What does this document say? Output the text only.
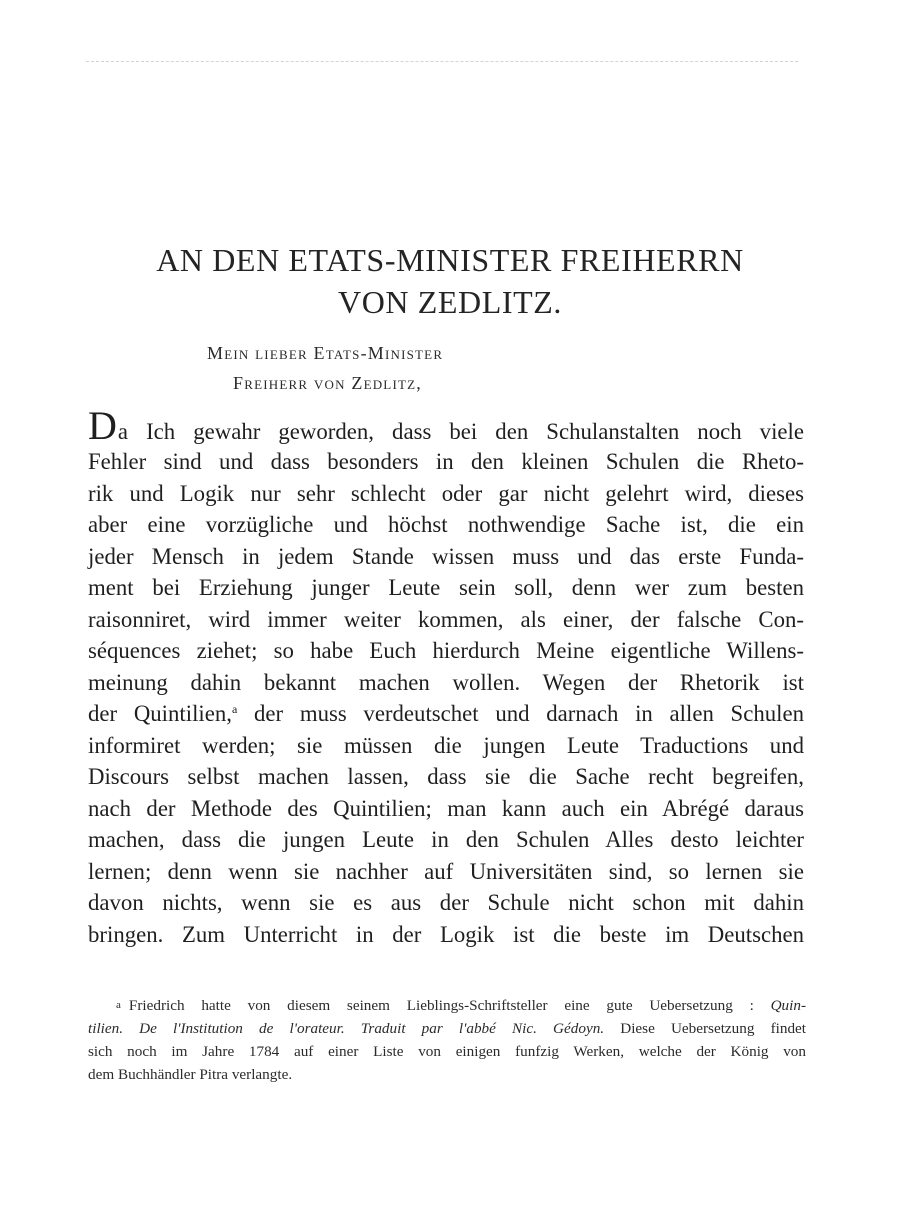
AN DEN ETATS-MINISTER FREIHERRN
VON ZEDLITZ.
Mein lieber Etats-Minister
Freiherr von Zedlitz,
Da Ich gewahr geworden, dass bei den Schulanstalten noch viele
Fehler sind und dass besonders in den kleinen Schulen die Rheto-
rik und Logik nur sehr schlecht oder gar nicht gelehrt wird, dieses
aber eine vorzügliche und höchst nothwendige Sache ist, die ein
jeder Mensch in jedem Stande wissen muss und das erste Funda-
ment bei Erziehung junger Leute sein soll, denn wer zum besten
raisonniret, wird immer weiter kommen, als einer, der falsche Con-
séquences ziehet; so habe Euch hierdurch Meine eigentliche Willens-
meinung dahin bekannt machen wollen. Wegen der Rhetorik ist
der Quintilien,$^a$ der muss verdeutschet und darnach in allen Schulen
informiret werden; sie müssen die jungen Leute Traductions und
Discours selbst machen lassen, dass sie die Sache recht begreifen,
nach der Methode des Quintilien; man kann auch ein Abrégé daraus
machen, dass die jungen Leute in den Schulen Alles desto leichter
lernen; denn wenn sie nachher auf Universitäten sind, so lernen sie
davon nichts, wenn sie es aus der Schule nicht schon mit dahin
bringen. Zum Unterricht in der Logik ist die beste im Deutschen
a Friedrich hatte von diesem seinem Lieblings-Schriftsteller eine gute Uebersetzung : Quin-
tilien. De l'Institution de l'orateur. Traduit par l'abbé Nic. Gédoyn. Diese Uebersetzung findet
sich noch im Jahre 1784 auf einer Liste von einigen funfzig Werken, welche der König von
dem Buchhändler Pitra verlangte.
